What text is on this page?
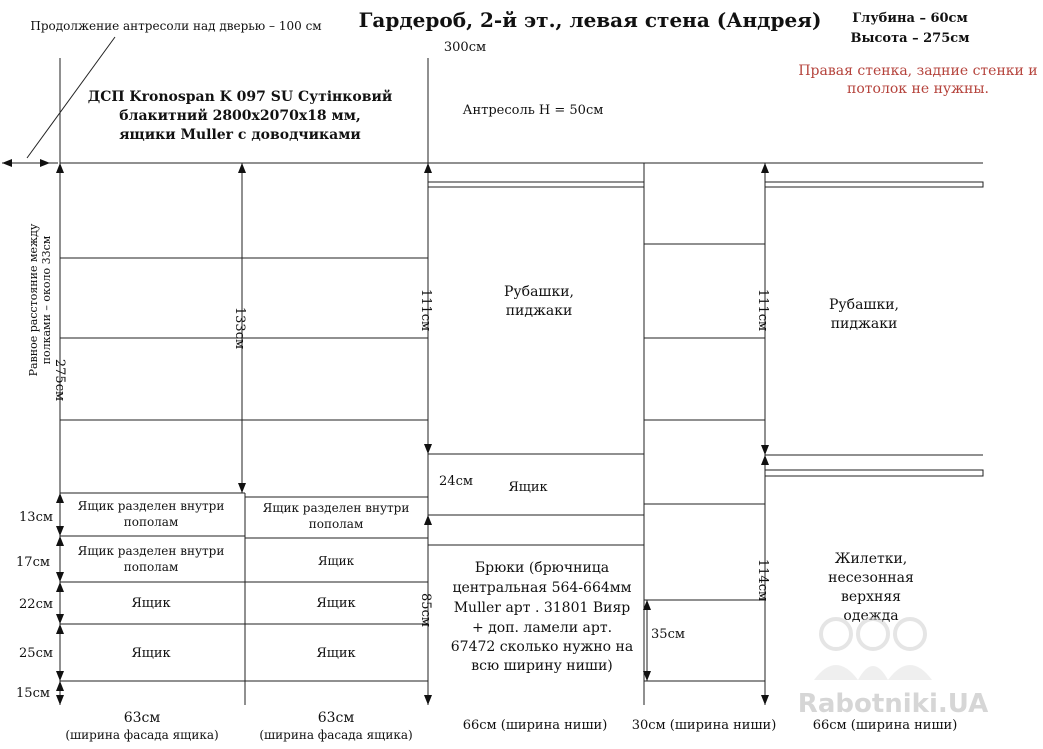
Гардероб, 2-й эт., левая стена (Андрея)
Продолжение антресоли над дверью – 100 см
300см
Глубина – 60см
Высота – 275см
Правая стенка, задние стенки и
потолок не нужны.
ДСП Kronospan K 097 SU Сутінковий
блакитний 2800х2070х18 мм,
ящики Muller с доводчиками
Антресоль Н = 50см
133см	111см	111см
85см
114см
24см
35см
13см
17см
22см
25см
15см
Равное расстояние между полками – около 33см
275см
Ящик разделен внутри
пополам
Ящик разделен внутри
пополам
Ящик
Ящик
Ящик разделен внутри
пополам
Ящик
Ящик
Ящик
Ящик
Рубашки,
пиджаки	Рубашки,
пиджаки
Брюки (брючница
центральная 564-664мм
Muller арт . 31801 Вияр
+ доп. ламели арт.
67472 сколько нужно на
всю ширину ниши)
Жилетки,
несезонная
верхняя
одежда
Rabotniki.UA
63см
(ширина фасада ящика)
63см
(ширина фасада ящика)
66см (ширина ниши) 30см (ширина ниши)	66см (ширина ниши)
